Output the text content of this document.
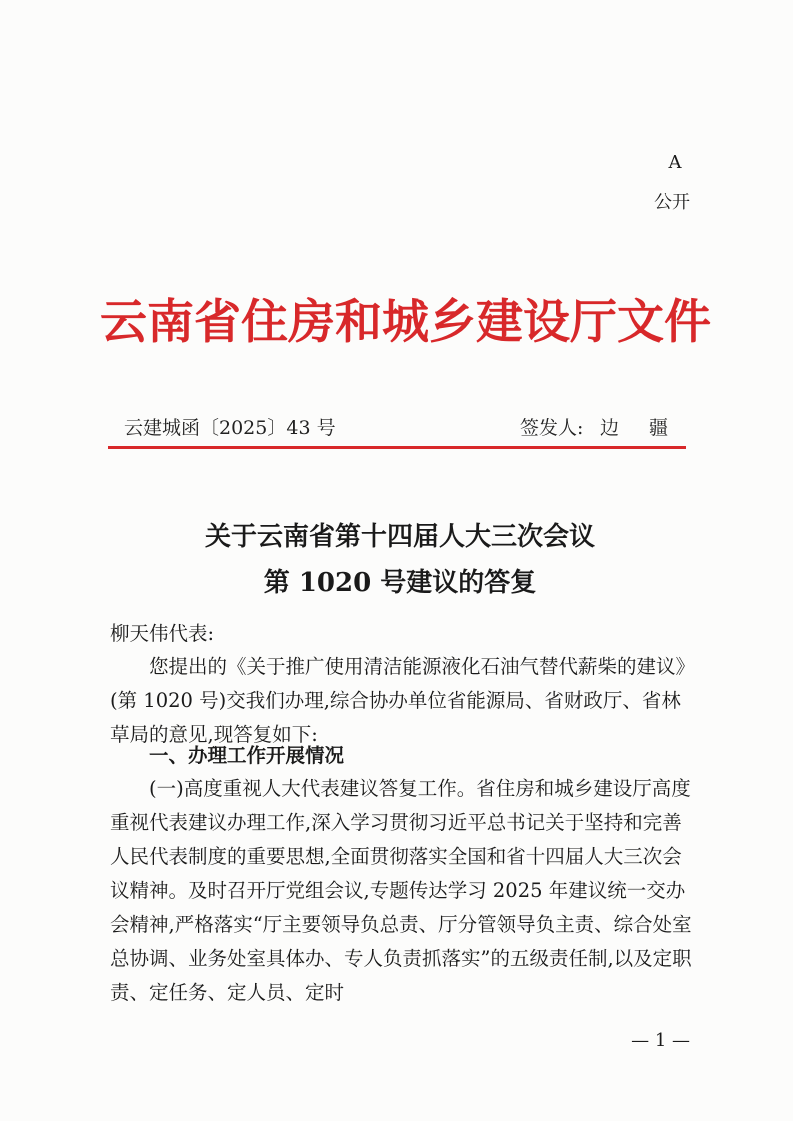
A
公开
云南省住房和城乡建设厅文件
云建城函〔2025〕43 号	签发人: 边 疆
关于云南省第十四届人大三次会议
第 1020 号建议的答复
柳天伟代表:
您提出的《关于推广使用清洁能源液化石油气替代薪柴的建议》(第 1020 号)交我们办理,综合协办单位省能源局、省财政厅、省林草局的意见,现答复如下:
一、办理工作开展情况
(一)高度重视人大代表建议答复工作。省住房和城乡建设厅高度重视代表建议办理工作,深入学习贯彻习近平总书记关于坚持和完善人民代表制度的重要思想,全面贯彻落实全国和省十四届人大三次会议精神。及时召开厅党组会议,专题传达学习 2025 年建议统一交办会精神,严格落实“厅主要领导负总责、厅分管领导负主责、综合处室总协调、业务处室具体办、专人负责抓落实”的五级责任制,以及定职责、定任务、定人员、定时
— 1 —
